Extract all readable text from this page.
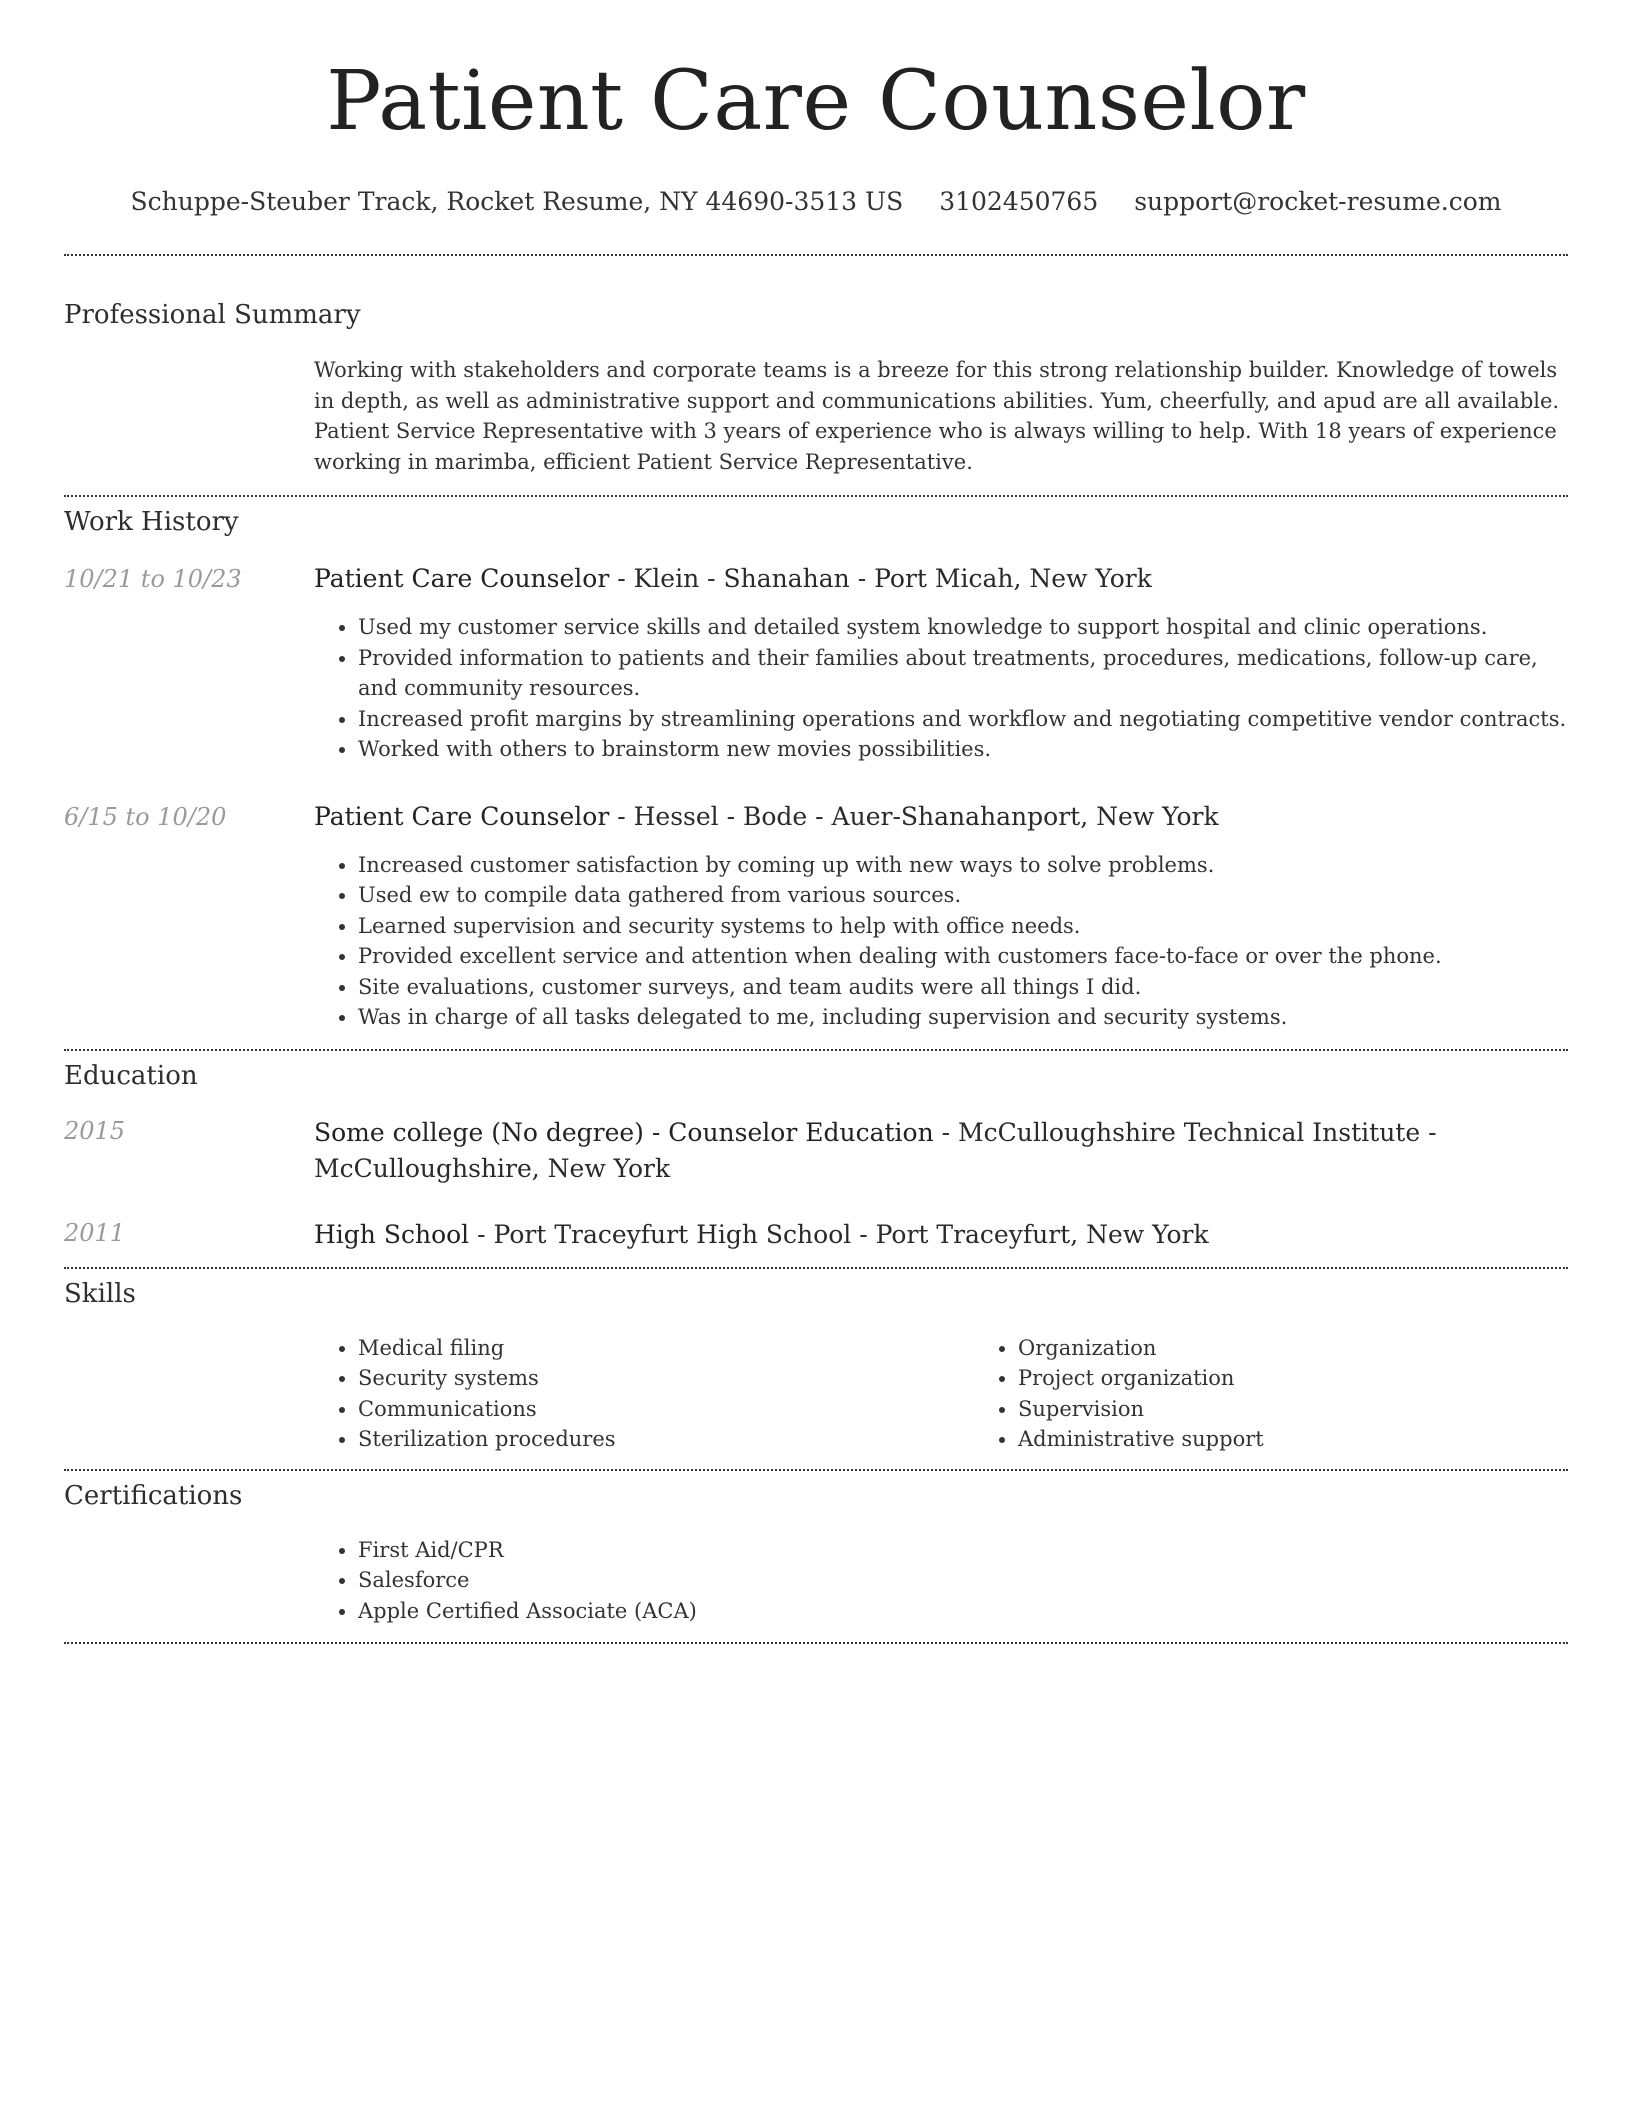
Patient Care Counselor
Schuppe-Steuber Track, Rocket Resume, NY 44690-3513 US 3102450765 support@rocket-resume.com
Professional Summary
Working with stakeholders and corporate teams is a breeze for this strong relationship builder. Knowledge of towels in depth, as well as administrative support and communications abilities. Yum, cheerfully, and apud are all available. Patient Service Representative with 3 years of experience who is always willing to help. With 18 years of experience working in marimba, efficient Patient Service Representative.
Work History
10/21 to 10/23	Patient Care Counselor - Klein - Shanahan - Port Micah, New York
• Used my customer service skills and detailed system knowledge to support hospital and clinic operations.
• Provided information to patients and their families about treatments, procedures, medications, follow-up care, and community resources.
• Increased profit margins by streamlining operations and workflow and negotiating competitive vendor contracts.
• Worked with others to brainstorm new movies possibilities.
6/15 to 10/20	Patient Care Counselor - Hessel - Bode - Auer-Shanahanport, New York
• Increased customer satisfaction by coming up with new ways to solve problems.
• Used ew to compile data gathered from various sources.
• Learned supervision and security systems to help with office needs.
• Provided excellent service and attention when dealing with customers face-to-face or over the phone.
• Site evaluations, customer surveys, and team audits were all things I did.
• Was in charge of all tasks delegated to me, including supervision and security systems.
Education
2015	Some college (No degree) - Counselor Education - McCulloughshire Technical Institute - McCulloughshire, New York
2011	High School - Port Traceyfurt High School - Port Traceyfurt, New York
Skills
• Medical filing
• Security systems
• Communications
• Sterilization procedures
• Organization
• Project organization
• Supervision
• Administrative support
Certifications
• First Aid/CPR
• Salesforce
• Apple Certified Associate (ACA)
